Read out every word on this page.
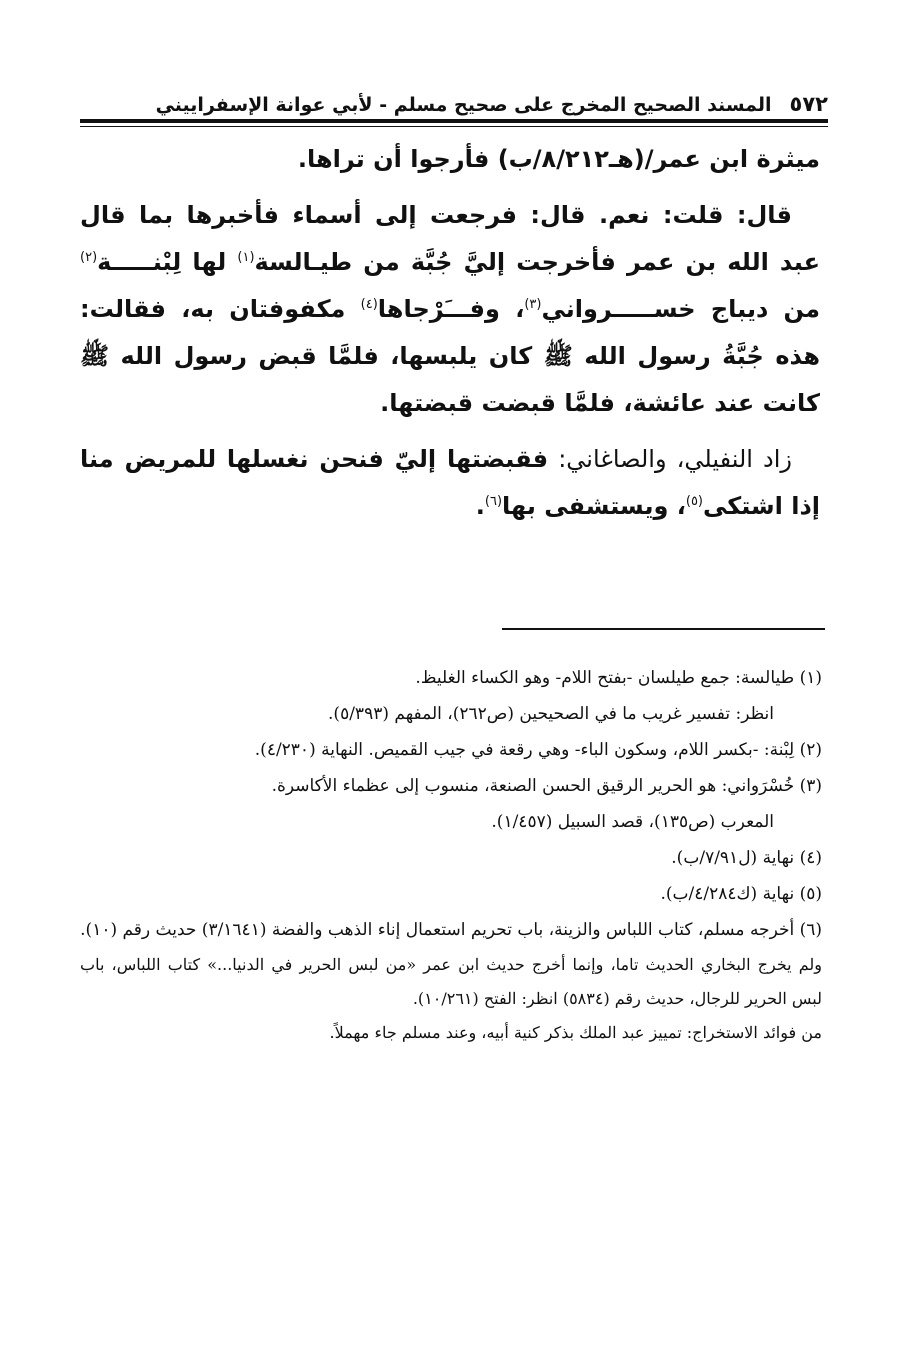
٥٧٢
المسند الصحيح المخرج على صحيح مسلم - لأبي عوانة الإسفراييني

ميثرة ابن عمر/(هـ٨/٢١٢/ب) فأرجوا أن تراها.

قال: قلت: نعم. قال: فرجعت إلى أسماء فأخبرها بما قال عبد الله بن عمر فأخرجت إليَّ جُبَّة من طيـالسة$^{(١)}$ لها لِبْنـــــة$^{(٢)}$ من ديباج خســـــرواني$^{(٣)}$، وفـــَرْجاها$^{(٤)}$ مكفوفتان به، فقالت: هذه جُبَّةُ رسول الله ﷺ كان يلبسها، فلمَّا قبض رسول الله ﷺ كانت عند عائشة، فلمَّا قبضت قبضتها.

زاد النفيلي، والصاغاني: فقبضتها إليّ فنحن نغسلها للمريض منا إذا اشتكى$^{(٥)}$، ويستشفى بها$^{(٦)}$.

(١) طيالسة: جمع طيلسان -بفتح اللام- وهو الكساء الغليظ.
انظر: تفسير غريب ما في الصحيحين (ص٢٦٢)، المفهم (٥/٣٩٣).
(٢) لِبْنة: -بكسر اللام، وسكون الباء- وهي رقعة في جيب القميص. النهاية (٤/٢٣٠).
(٣) خُسْرَواني: هو الحرير الرقيق الحسن الصنعة، منسوب إلى عظماء الأكاسرة.
المعرب (ص١٣٥)، قصد السبيل (١/٤٥٧).
(٤) نهاية (ل٧/٩١/ب).
(٥) نهاية (ك٤/٢٨٤/ب).
(٦) أخرجه مسلم، كتاب اللباس والزينة، باب تحريم استعمال إناء الذهب والفضة (٣/١٦٤١) حديث رقم (١٠).
ولم يخرج البخاري الحديث تاما، وإنما أخرج حديث ابن عمر «من لبس الحرير في الدنيا...» كتاب اللباس، باب لبس الحرير للرجال، حديث رقم (٥٨٣٤) انظر: الفتح (١٠/٢٦١).
من فوائد الاستخراج: تمييز عبد الملك بذكر كنية أبيه، وعند مسلم جاء مهملاً.
